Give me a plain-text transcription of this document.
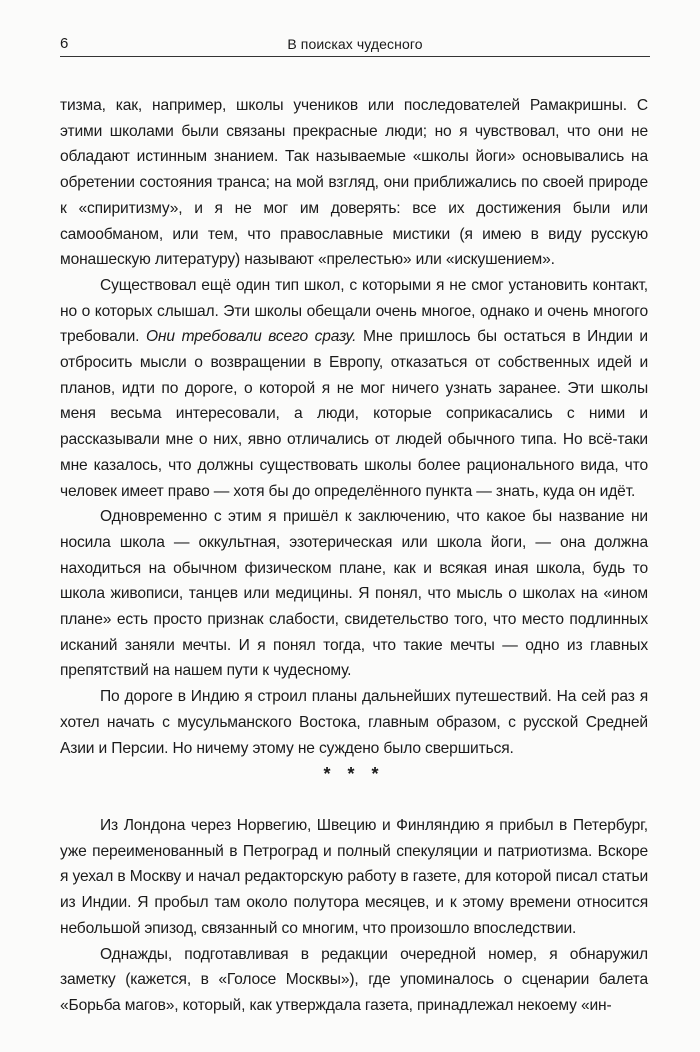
6	В поисках чудесного

тизма, как, например, школы учеников или последователей Рамакришны. С этими школами были связаны прекрасные люди; но я чувствовал, что они не обладают истинным знанием. Так называемые «школы йоги» основывались на обретении состояния транса; на мой взгляд, они приближались по своей природе к «спиритизму», и я не мог им доверять: все их достижения были или самообманом, или тем, что православные мистики (я имею в виду русскую монашескую литературу) называют «прелестью» или «искушением».

Существовал ещё один тип школ, с которыми я не смог установить контакт, но о которых слышал. Эти школы обещали очень многое, однако и очень многого требовали. Они требовали всего сразу. Мне пришлось бы остаться в Индии и отбросить мысли о возвращении в Европу, отказаться от собственных идей и планов, идти по дороге, о которой я не мог ничего узнать заранее. Эти школы меня весьма интересовали, а люди, которые соприкасались с ними и рассказывали мне о них, явно отличались от людей обычного типа. Но всё-таки мне казалось, что должны существовать школы более рационального вида, что человек имеет право — хотя бы до определённого пункта — знать, куда он идёт.

Одновременно с этим я пришёл к заключению, что какое бы название ни носила школа — оккультная, эзотерическая или школа йоги, — она должна находиться на обычном физическом плане, как и всякая иная школа, будь то школа живописи, танцев или медицины. Я понял, что мысль о школах на «ином плане» есть просто признак слабости, свидетельство того, что место подлинных исканий заняли мечты. И я понял тогда, что такие мечты — одно из главных препятствий на нашем пути к чудесному.

По дороге в Индию я строил планы дальнейших путешествий. На сей раз я хотел начать с мусульманского Востока, главным образом, с русской Средней Азии и Персии. Но ничему этому не суждено было свершиться.

* * *

Из Лондона через Норвегию, Швецию и Финляндию я прибыл в Петербург, уже переименованный в Петроград и полный спекуляции и патриотизма. Вскоре я уехал в Москву и начал редакторскую работу в газете, для которой писал статьи из Индии. Я пробыл там около полутора месяцев, и к этому времени относится небольшой эпизод, связанный со многим, что произошло впоследствии.

Однажды, подготавливая в редакции очередной номер, я обнаружил заметку (кажется, в «Голосе Москвы»), где упоминалось о сценарии балета «Борьба магов», который, как утверждала газета, принадлежал некоему «ин-
